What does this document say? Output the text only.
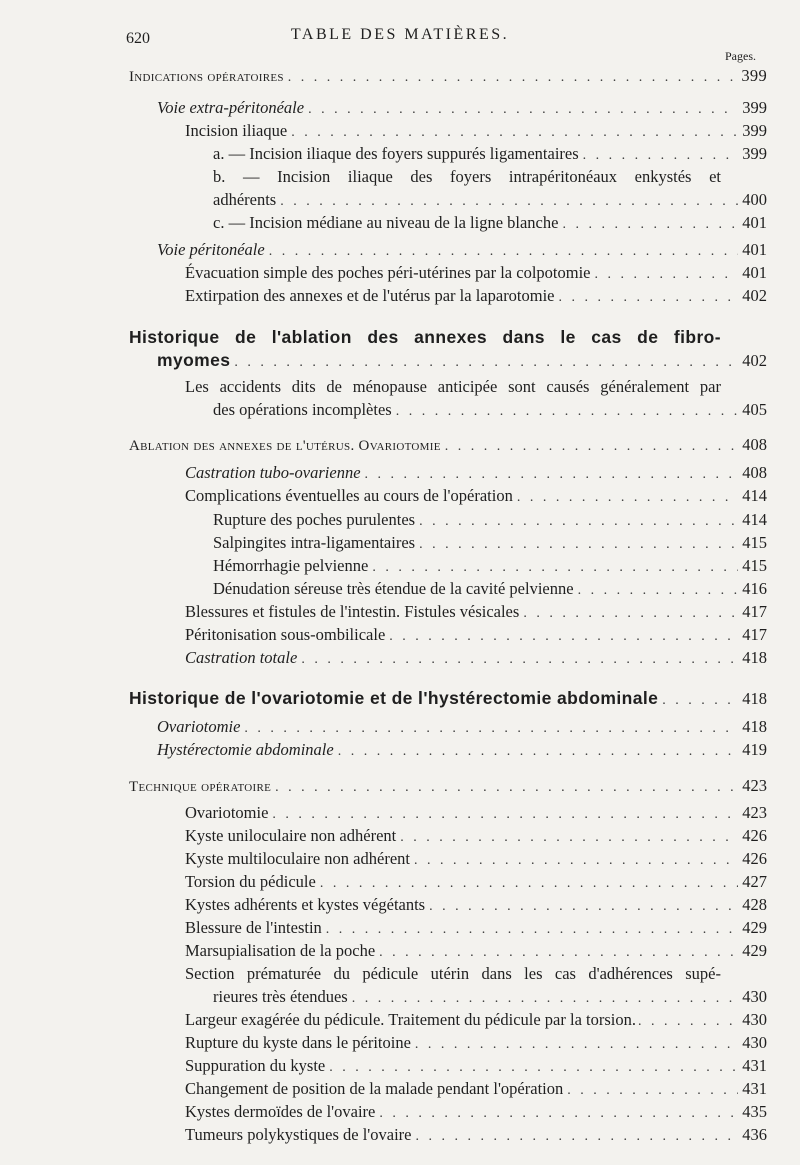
620	TABLE DES MATIÈRES.
Pages.
Indications opératoires . . .	399
Voie extra-péritonéale . . .	399
Incision iliaque . . .	399
a. — Incision iliaque des foyers suppurés ligamentaires . . .	399
b. — Incision iliaque des foyers intrapéritonéaux enkystés et
adhérents . . .	400
c. — Incision médiane au niveau de la ligne blanche . . .	401
Voie péritonéale . . .	401
Évacuation simple des poches péri-utérines par la colpotomie . . .	401
Extirpation des annexes et de l'utérus par la laparotomie . . .	402
Historique de l'ablation des annexes dans le cas de fibro-
myomes . . .	402
Les accidents dits de ménopause anticipée sont causés généralement par
des opérations incomplètes . . .	405
Ablation des annexes de l'utérus. Ovariotomie . . .	408
Castration tubo-ovarienne . . .	408
Complications éventuelles au cours de l'opération . . .	414
Rupture des poches purulentes . . .	414
Salpingites intra-ligamentaires . . .	415
Hémorrhagie pelvienne . . .	415
Dénudation séreuse très étendue de la cavité pelvienne . . .	416
Blessures et fistules de l'intestin. Fistules vésicales . . .	417
Péritonisation sous-ombilicale . . .	417
Castration totale . . .	418
Historique de l'ovariotomie et de l'hystérectomie abdominale . . .	418
Ovariotomie . . .	418
Hystérectomie abdominale . . .	419
Technique opératoire . . .	423
Ovariotomie . . .	423
Kyste uniloculaire non adhérent . . .	426
Kyste multiloculaire non adhérent . . .	426
Torsion du pédicule . . .	427
Kystes adhérents et kystes végétants . . .	428
Blessure de l'intestin . . .	429
Marsupialisation de la poche . . .	429
Section prématurée du pédicule utérin dans les cas d'adhérences supé-
rieures très étendues . . .	430
Largeur exagérée du pédicule. Traitement du pédicule par la torsion. . . .	430
Rupture du kyste dans le péritoine . . .	430
Suppuration du kyste . . .	431
Changement de position de la malade pendant l'opération . . .	431
Kystes dermoïdes de l'ovaire . . .	435
Tumeurs polykystiques de l'ovaire . . .	436
